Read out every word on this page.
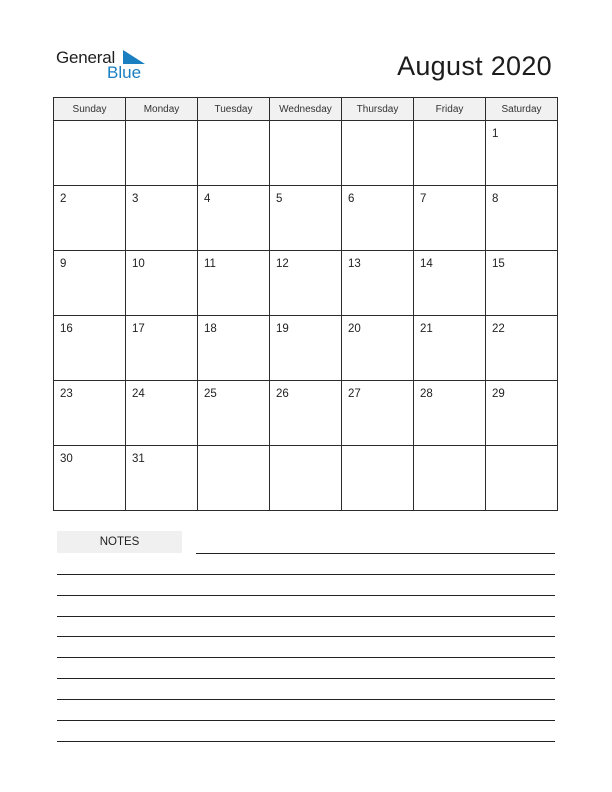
General
Blue	August 2020
Sunday	Monday	Tuesday	Wednesday	Thursday	Friday	Saturday

						1

2	3	4	5	6	7	8

9	10	11	12	13	14	15

16	17	18	19	20	21	22

23	24	25	26	27	28	29

30	31					

NOTES
